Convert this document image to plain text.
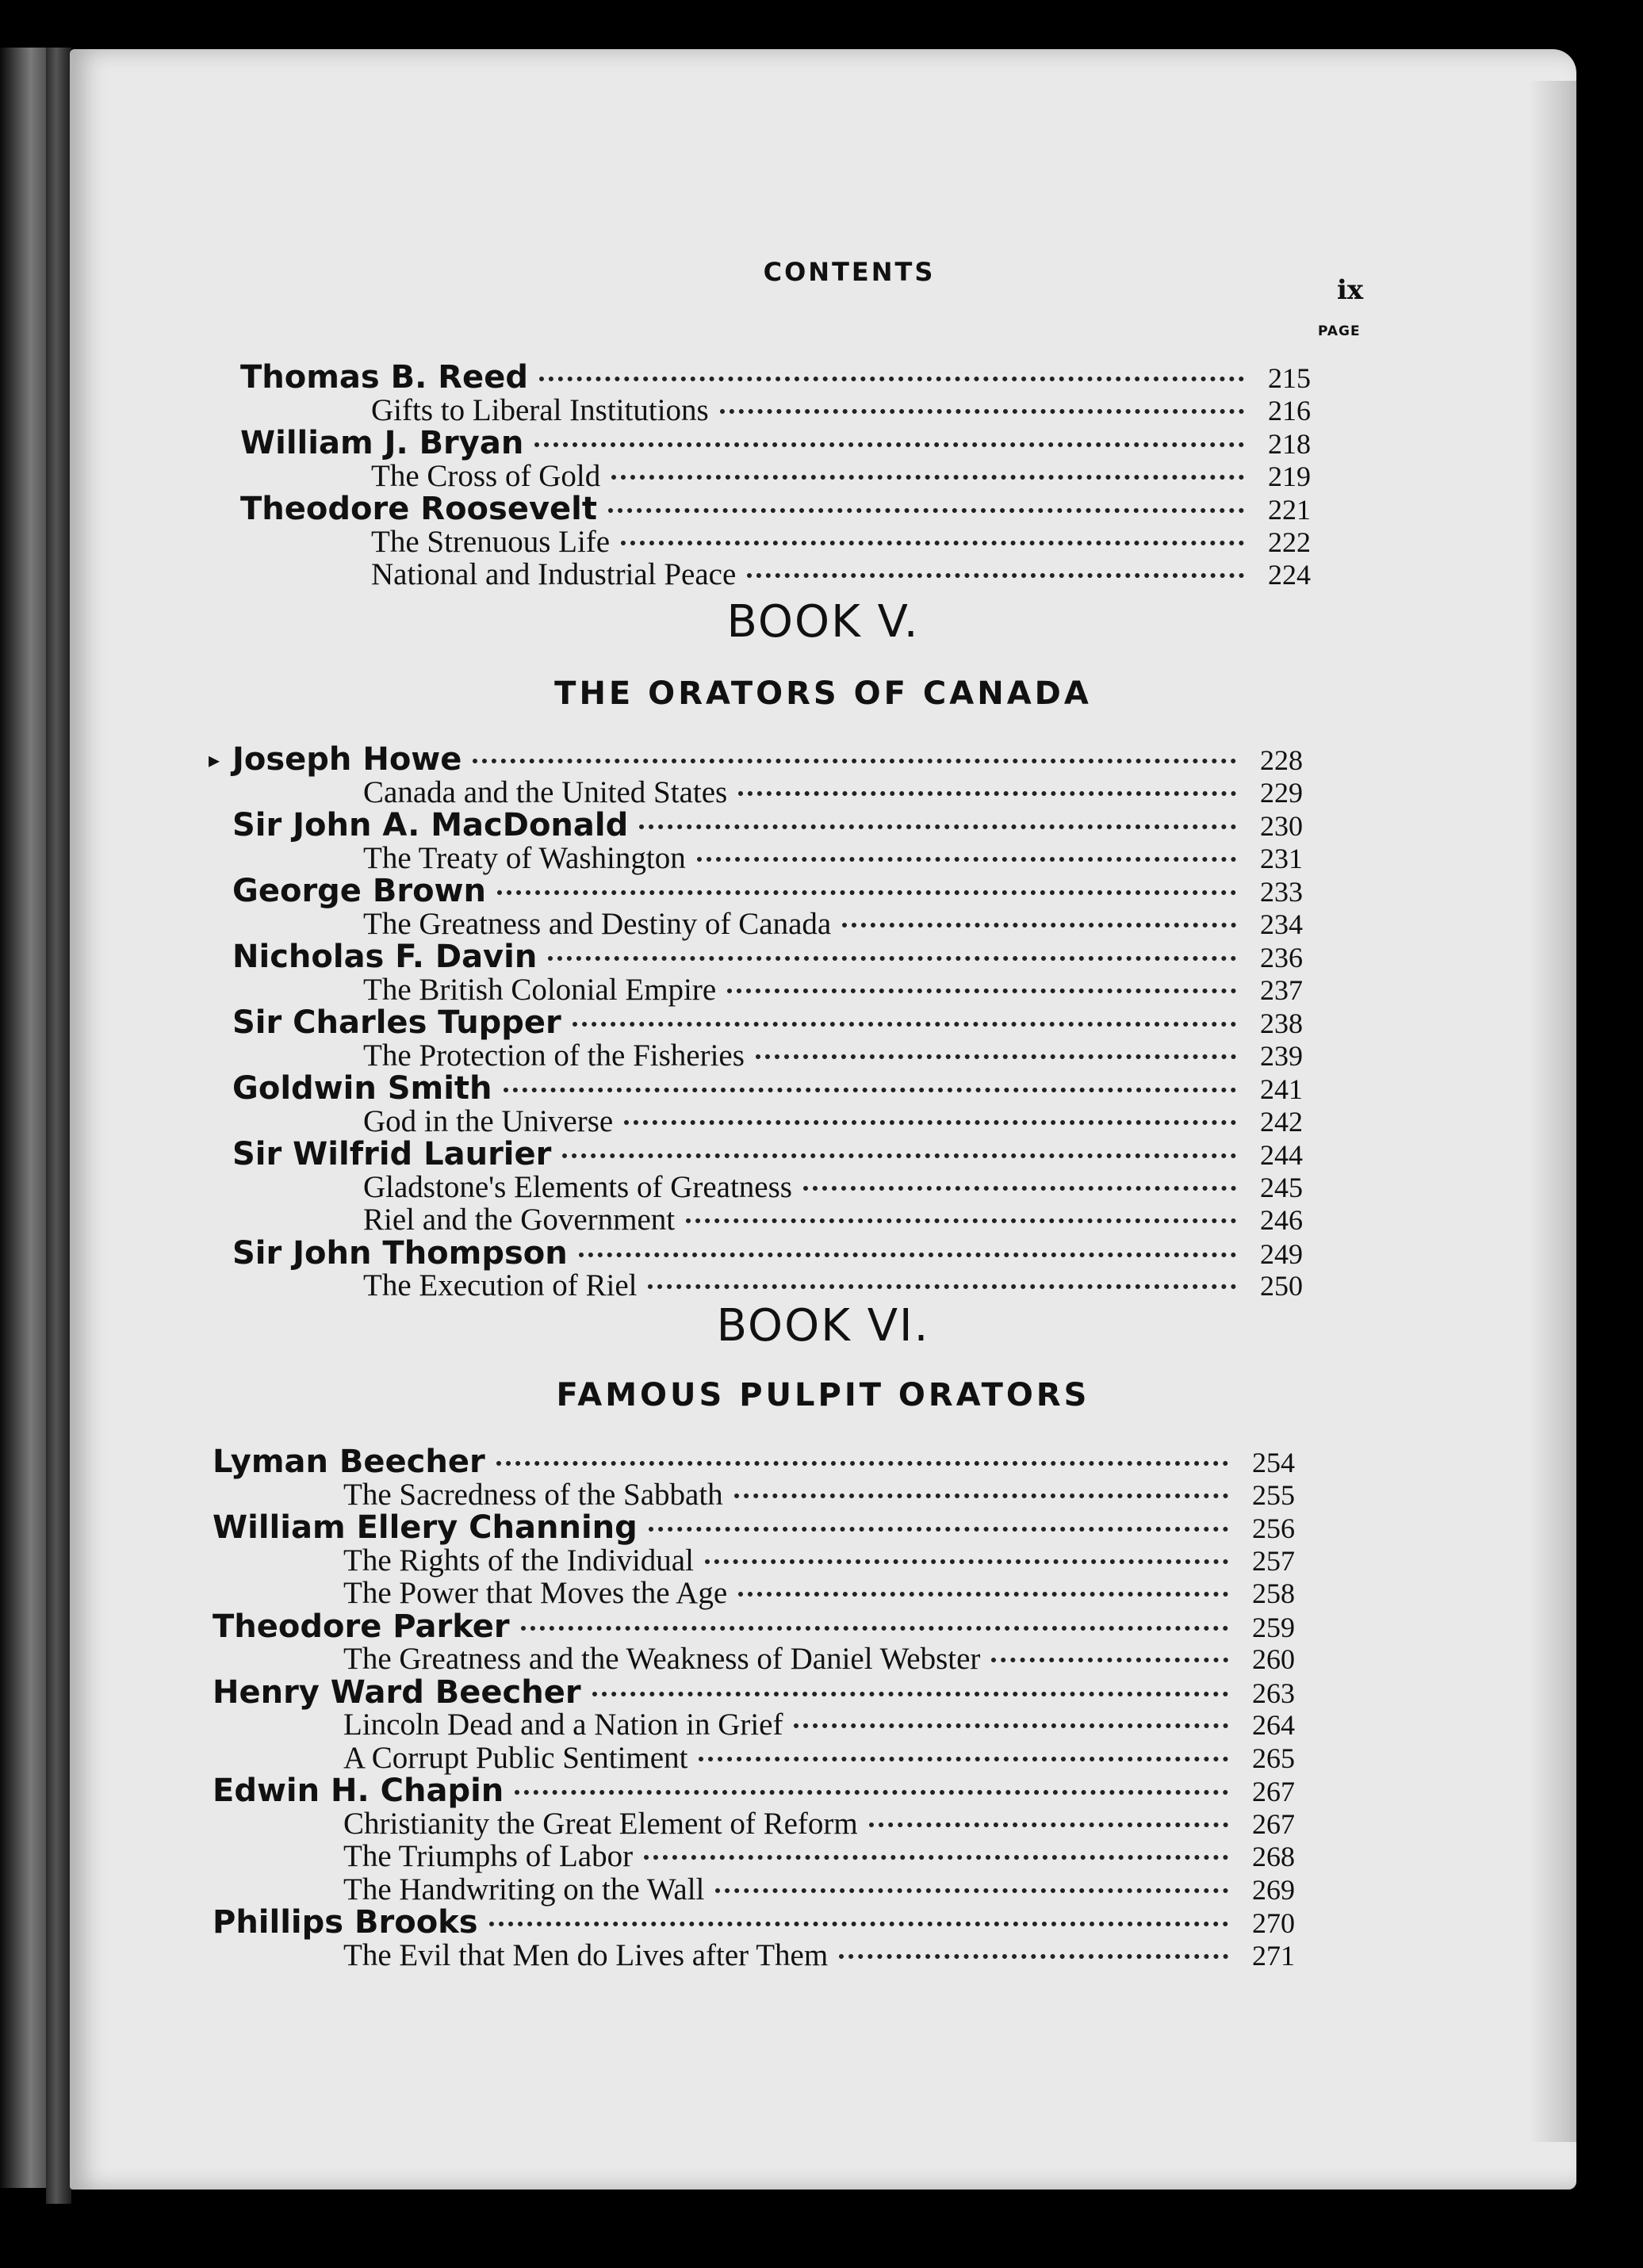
CONTENTS
ix
PAGE
▸
Thomas B. Reed	215
Gifts to Liberal Institutions	216
William J. Bryan	218
The Cross of Gold	219
Theodore Roosevelt	221
The Strenuous Life	222
National and Industrial Peace	224
BOOK V.
THE ORATORS OF CANADA
Joseph Howe	228
Canada and the United States	229
Sir John A. MacDonald	230
The Treaty of Washington	231
George Brown	233
The Greatness and Destiny of Canada	234
Nicholas F. Davin	236
The British Colonial Empire	237
Sir Charles Tupper	238
The Protection of the Fisheries	239
Goldwin Smith	241
God in the Universe	242
Sir Wilfrid Laurier	244
Gladstone's Elements of Greatness	245
Riel and the Government	246
Sir John Thompson	249
The Execution of Riel	250
BOOK VI.
FAMOUS PULPIT ORATORS
Lyman Beecher	254
The Sacredness of the Sabbath	255
William Ellery Channing	256
The Rights of the Individual	257
The Power that Moves the Age	258
Theodore Parker	259
The Greatness and the Weakness of Daniel Webster	260
Henry Ward Beecher	263
Lincoln Dead and a Nation in Grief	264
A Corrupt Public Sentiment	265
Edwin H. Chapin	267
Christianity the Great Element of Reform	267
The Triumphs of Labor	268
The Handwriting on the Wall	269
Phillips Brooks	270
The Evil that Men do Lives after Them	271
